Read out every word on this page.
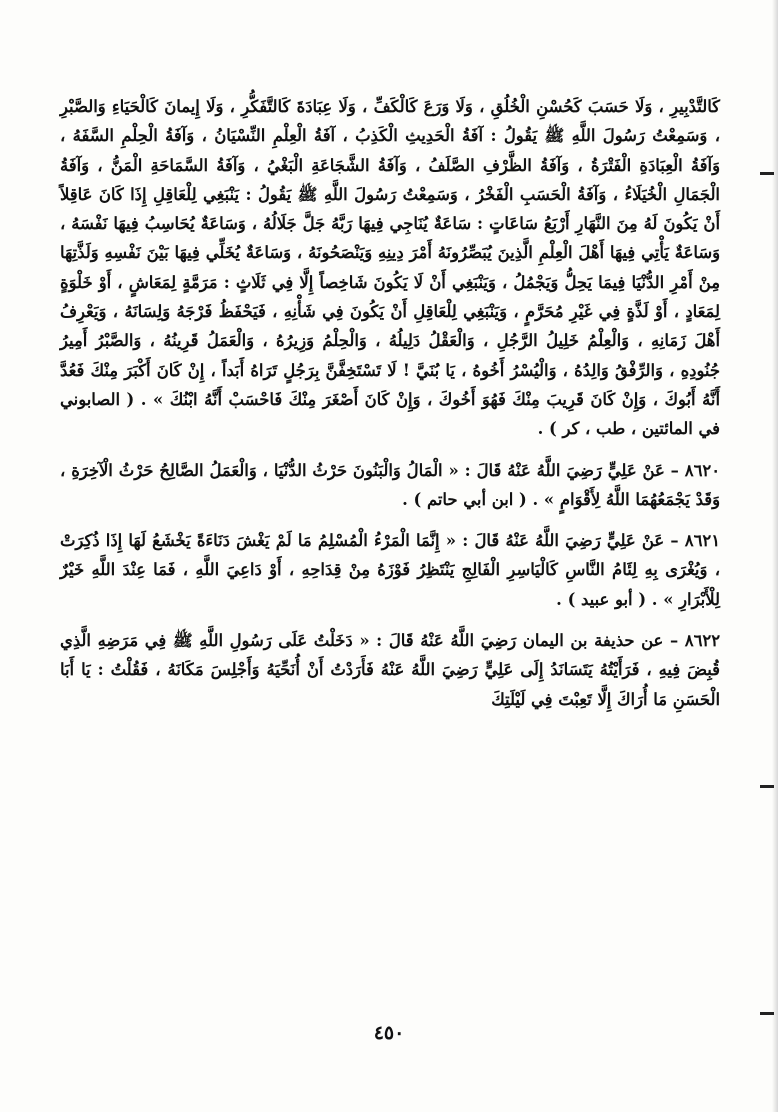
كَالتَّدْبِيرِ ، وَلَا حَسَبَ كَحُسْنِ الْخُلُقِ ، وَلَا وَرَعَ كَالْكَفِّ ، وَلَا عِبَادَةَ كَالتَّفَكُّرِ ، وَلَا إِيمانَ كَالْحَيَاءِ وَالصَّبْرِ ، وَسَمِعْتُ رَسُولَ اللَّهِ ﷺ يَقُولُ : آفَةُ الْحَدِيثِ الْكَذِبُ ، آفَةُ الْعِلْمِ النِّسْيَانُ ، وَآفَةُ الْحِلْمِ السَّفَهُ ، وَآفَةُ الْعِبَادَةِ الْفَتْرَةُ ، وَآفَةُ الظَّرْفِ الصَّلَفُ ، وَآفَةُ الشَّجَاعَةِ الْبَغْيُ ، وَآفَةُ السَّمَاحَةِ الْمَنُّ ، وَآفَةُ الْجَمَالِ الْخُيَلَاءُ ، وَآفَةُ الْحَسَبِ الْفَخْرُ ، وَسَمِعْتُ رَسُولَ اللَّهِ ﷺ يَقُولُ : يَنْبَغِي لِلْعَاقِلِ إِذَا كَانَ عَاقِلاً أَنْ يَكُونَ لَهُ مِنَ النَّهَارِ أَرْبَعُ سَاعَاتٍ : سَاعَةٌ يُنَاجِي فِيهَا رَبَّهُ جَلَّ جَلَالُهُ ، وَسَاعَةٌ يُحَاسِبُ فِيهَا نَفْسَهُ ، وَسَاعَةٌ يَأْتِي فِيهَا أَهْلَ الْعِلْمِ الَّذِينَ يُبَصِّرُونَهُ أَمْرَ دِينِهِ وَيَنْصَحُونَهُ ، وَسَاعَةٌ يُخَلِّي فِيهَا بَيْنَ نَفْسِهِ وَلَذَّتِهَا مِنْ أَمْرِ الدُّنْيَا فِيمَا يَحِلُّ وَيَجْمُلُ ، وَيَنْبَغِي أَنْ لَا يَكُونَ شَاخِصاً إِلَّا فِي ثَلَاثٍ : مَرَمَّةٍ لِمَعَاشٍ ، أَوْ خَلْوَةٍ لِمَعَادٍ ، أَوْ لَذَّةٍ فِي غَيْرِ مُحَرَّمٍ ، وَيَنْبَغِي لِلْعَاقِلِ أَنْ يَكُونَ فِي شَأْنِهِ ، فَيَحْفَظُ فَرْجَهُ وَلِسَانَهُ ، وَيَعْرِفُ أَهْلَ زَمَانِهِ ، وَالْعِلْمُ خَلِيلُ الرَّجُلِ ، وَالْعَقْلُ دَلِيلُهُ ، وَالْحِلْمُ وَزِيرُهُ ، وَالْعَمَلُ قَرِينُهُ ، وَالصَّبْرُ أَمِيرُ جُنُودِهِ ، وَالرِّفْقُ وَالِدُهُ ، وَالْيُسْرُ أَخُوهُ ، يَا بُنَيَّ ! لَا تَسْتَخِفَّنَّ بِرَجُلٍ تَرَاهُ أَبَداً ، إِنْ كَانَ أَكْبَرَ مِنْكَ فَعُدَّ أَنَّهُ أَبُوكَ ، وَإِنْ كَانَ قَرِيبَ مِنْكَ فَهُوَ أَخُوكَ ، وَإِنْ كَانَ أَصْغَرَ مِنْكَ فَاحْسَبْ أَنَّهُ ابْنُكَ » . ( الصابوني في المائتين ، طب ، كر ) .

٨٦٢٠ – عَنْ عَلِيٍّ رَضِيَ اللَّهُ عَنْهُ قَالَ : « الْمَالُ وَالْبَنُونَ حَرْثُ الدُّنْيَا ، وَالْعَمَلُ الصَّالِحُ حَرْثُ الْآخِرَةِ ، وَقَدْ يَجْمَعُهُمَا اللَّهُ لِأَقْوَامٍ » . ( ابن أبي حاتم ) .

٨٦٢١ – عَنْ عَلِيٍّ رَضِيَ اللَّهُ عَنْهُ قَالَ : « إِنَّمَا الْمَرْءُ الْمُسْلِمُ مَا لَمْ يَغْشَ دَنَاءَةً يَخْشَعُ لَهَا إِذَا ذُكِرَتْ ، وَيُغْرَى بِهِ لِئَامُ النَّاسِ كَالْيَاسِرِ الْفَالِجِ يَنْتَظِرُ فَوْزَهُ مِنْ قِدَاحِهِ ، أَوْ دَاعِيَ اللَّهِ ، فَمَا عِنْدَ اللَّهِ خَيْرٌ لِلْأَبْرَارِ » . ( أبو عبيد ) .

٨٦٢٢ – عن حذيفة بن اليمان رَضِيَ اللَّهُ عَنْهُ قَالَ : « دَخَلْتُ عَلَى رَسُولِ اللَّهِ ﷺ فِي مَرَضِهِ الَّذِي قُبِضَ فِيهِ ، فَرَأَيْتُهُ يَتَسَانَدُ إِلَى عَلِيٍّ رَضِيَ اللَّهُ عَنْهُ فَأَرَدْتُ أَنْ أُنَحِّيَهُ وَأَجْلِسَ مَكَانَهُ ، فَقُلْتُ : يَا أَبَا الْحَسَنِ مَا أُرَاكَ إِلَّا تَعِبْتَ فِي لَيْلَتِكَ

٤٥٠
